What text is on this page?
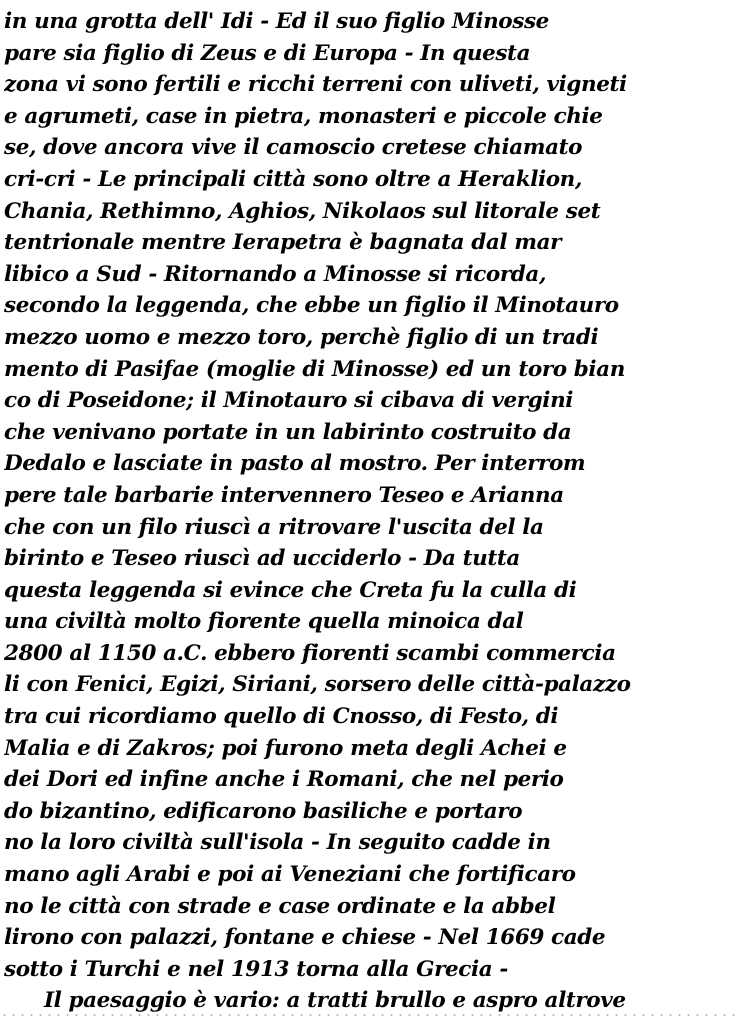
in una grotta dell' Idi - Ed il suo figlio Minosse
pare sia figlio di Zeus e di Europa - In questa
zona vi sono fertili e ricchi terreni con uliveti, vigneti
e agrumeti, case in pietra, monasteri e piccole chie
se, dove ancora vive il camoscio cretese chiamato
cri-cri - Le principali città sono oltre a Heraklion,
Chania, Rethimno, Aghios, Nikolaos sul litorale set
tentrionale mentre Ierapetra è bagnata dal mar
libico a Sud - Ritornando a Minosse si ricorda,
secondo la leggenda, che ebbe un figlio il Minotauro
mezzo uomo e mezzo toro, perchè figlio di un tradi
mento di Pasifae (moglie di Minosse) ed un toro bian
co di Poseidone; il Minotauro si cibava di vergini
che venivano portate in un labirinto costruito da
Dedalo e lasciate in pasto al mostro. Per interrom
pere tale barbarie intervennero Teseo e Arianna
che con un filo riuscì a ritrovare l'uscita del la
birinto e Teseo riuscì ad ucciderlo - Da tutta
questa leggenda si evince che Creta fu la culla di
una civiltà molto fiorente quella minoica dal
2800 al 1150 a.C. ebbero fiorenti scambi commercia
li con Fenici, Egizi, Siriani, sorsero delle città-palazzo
tra cui ricordiamo quello di Cnosso, di Festo, di
Malia e di Zakros; poi furono meta degli Achei e
dei Dori ed infine anche i Romani, che nel perio
do bizantino, edificarono basiliche e portaro
no la loro civiltà sull'isola - In seguito cadde in
mano agli Arabi e poi ai Veneziani che fortificaro
no le città con strade e case ordinate e la abbel
lirono con palazzi, fontane e chiese - Nel 1669 cade
sotto i Turchi e nel 1913 torna alla Grecia -
Il paesaggio è vario: a tratti brullo e aspro altrove
